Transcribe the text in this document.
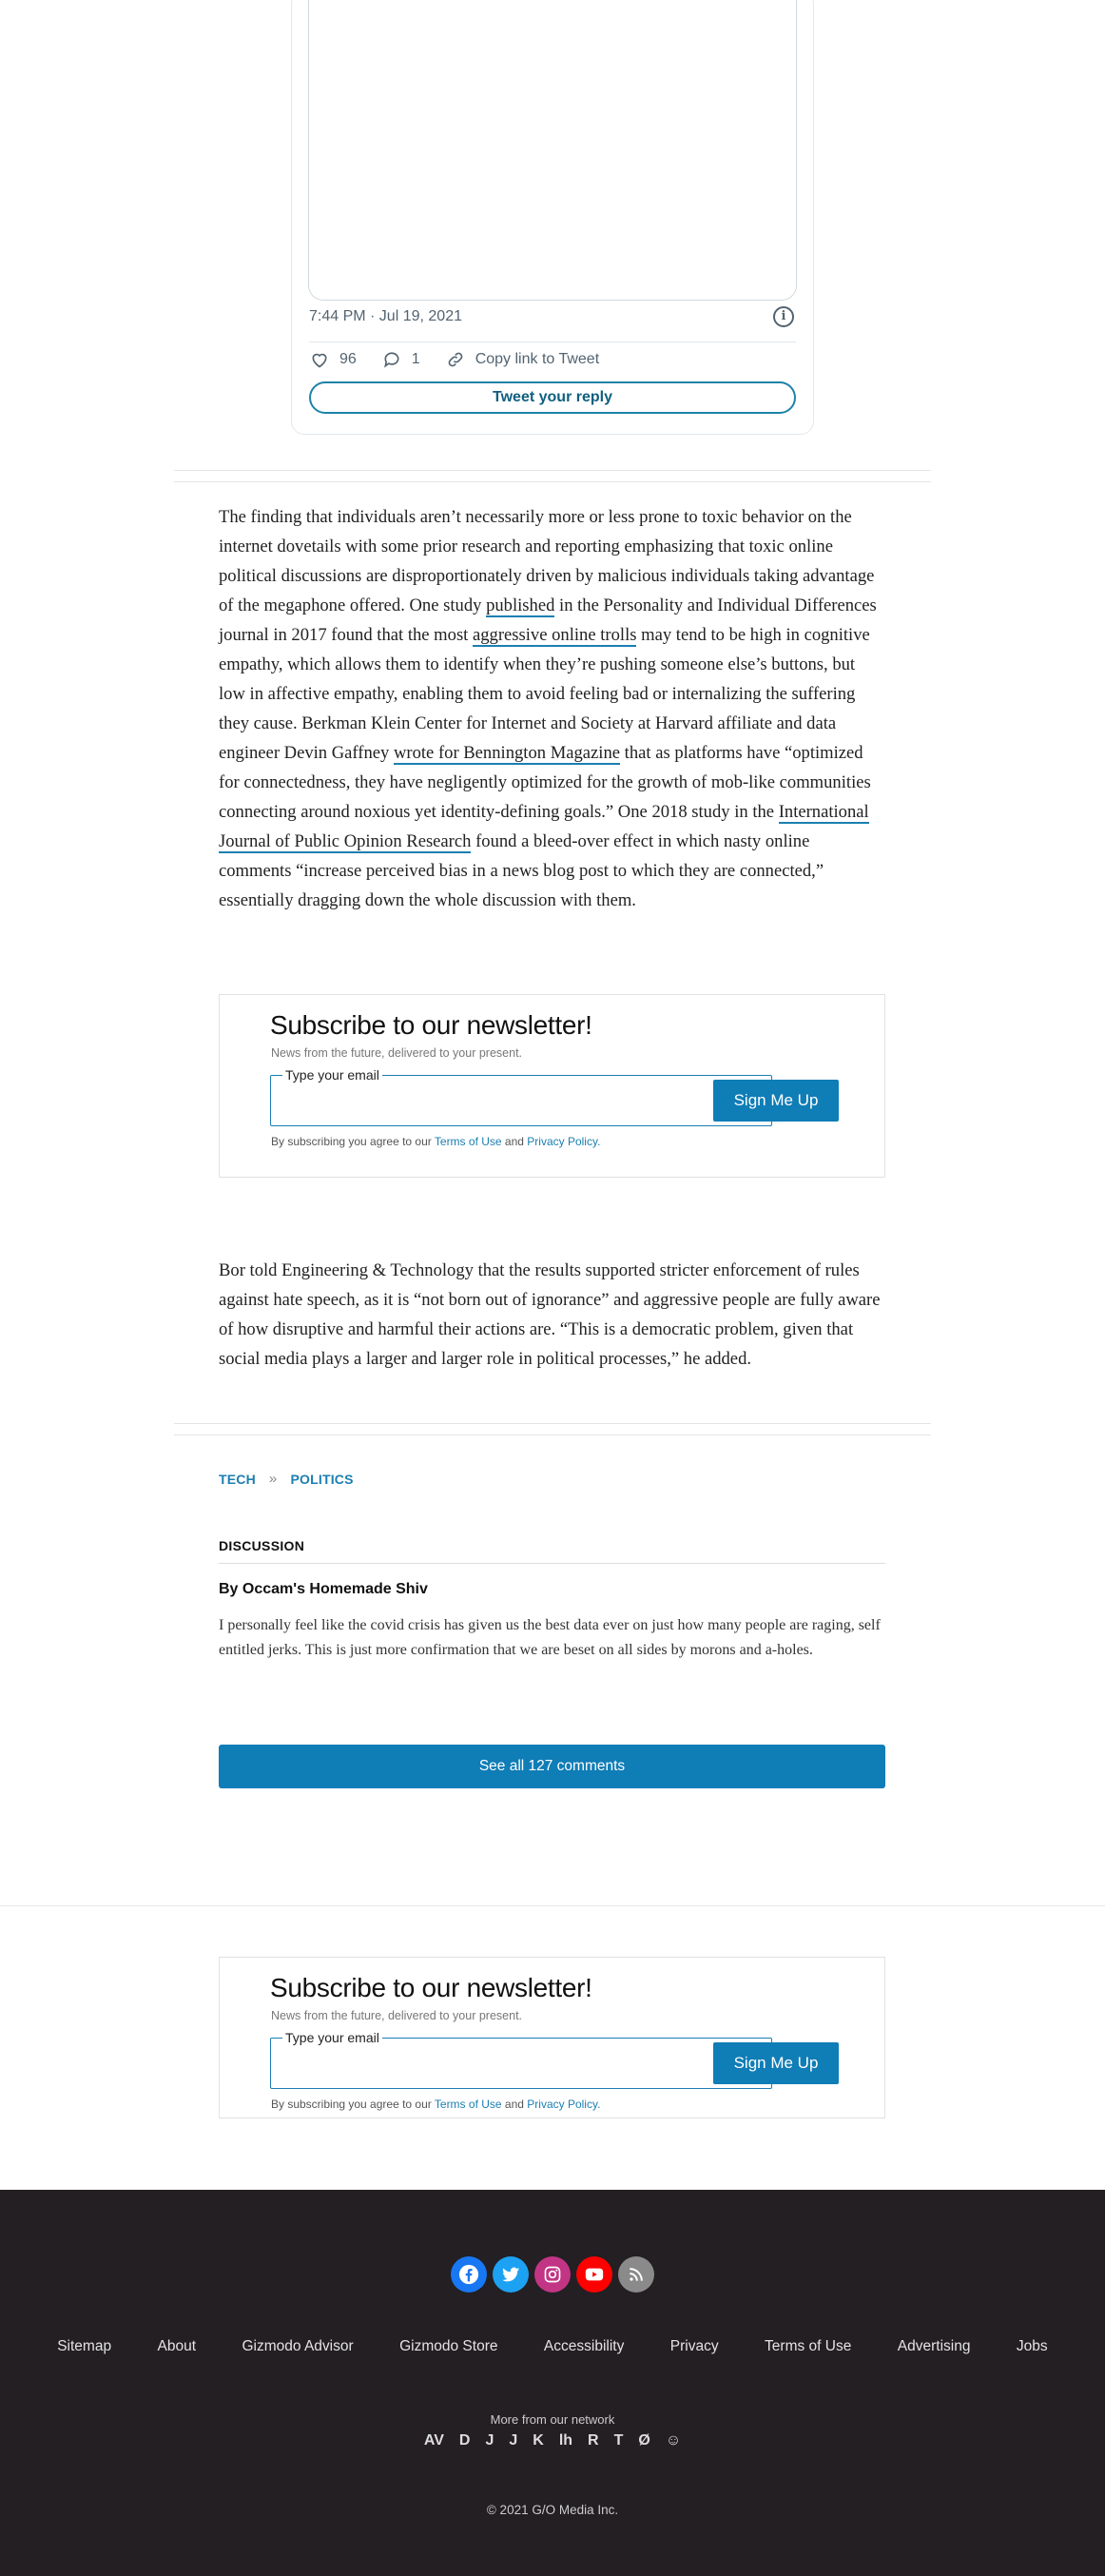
7:44 PM · Jul 19, 2021	i
96	1	Copy link to Tweet
Tweet your reply
The finding that individuals aren’t necessarily more or less prone to toxic behavior on the internet dovetails with some prior research and reporting emphasizing that toxic online political discussions are disproportionately driven by malicious individuals taking advantage of the megaphone offered. One study published in the Personality and Individual Differences journal in 2017 found that the most aggressive online trolls may tend to be high in cognitive empathy, which allows them to identify when they’re pushing someone else’s buttons, but low in affective empathy, enabling them to avoid feeling bad or internalizing the suffering they cause. Berkman Klein Center for Internet and Society at Harvard affiliate and data engineer Devin Gaffney wrote for Bennington Magazine that as platforms have “optimized for connectedness, they have negligently optimized for the growth of mob-like communities connecting around noxious yet identity-defining goals.” One 2018 study in the International Journal of Public Opinion Research found a bleed-over effect in which nasty online comments “increase perceived bias in a news blog post to which they are connected,” essentially dragging down the whole discussion with them.
Subscribe to our newsletter!
News from the future, delivered to your present.
Type your email
Sign Me Up
By subscribing you agree to our Terms of Use and Privacy Policy.
Bor told Engineering & Technology that the results supported stricter enforcement of rules against hate speech, as it is “not born out of ignorance” and aggressive people are fully aware of how disruptive and harmful their actions are. “This is a democratic problem, given that social media plays a larger and larger role in political processes,” he added.
TECH » POLITICS
DISCUSSION
By Occam's Homemade Shiv
I personally feel like the covid crisis has given us the best data ever on just how many people are raging, self entitled jerks. This is just more confirmation that we are beset on all sides by morons and a-holes.
See all 127 comments
Subscribe to our newsletter!
News from the future, delivered to your present.
Type your email
Sign Me Up
By subscribing you agree to our Terms of Use and Privacy Policy.
Sitemap	About	Gizmodo Advisor	Gizmodo Store	Accessibility	Privacy	Terms of Use	Advertising	Jobs
More from our network
AV D J J K lh R T Ø ☺
© 2021 G/O Media Inc.
